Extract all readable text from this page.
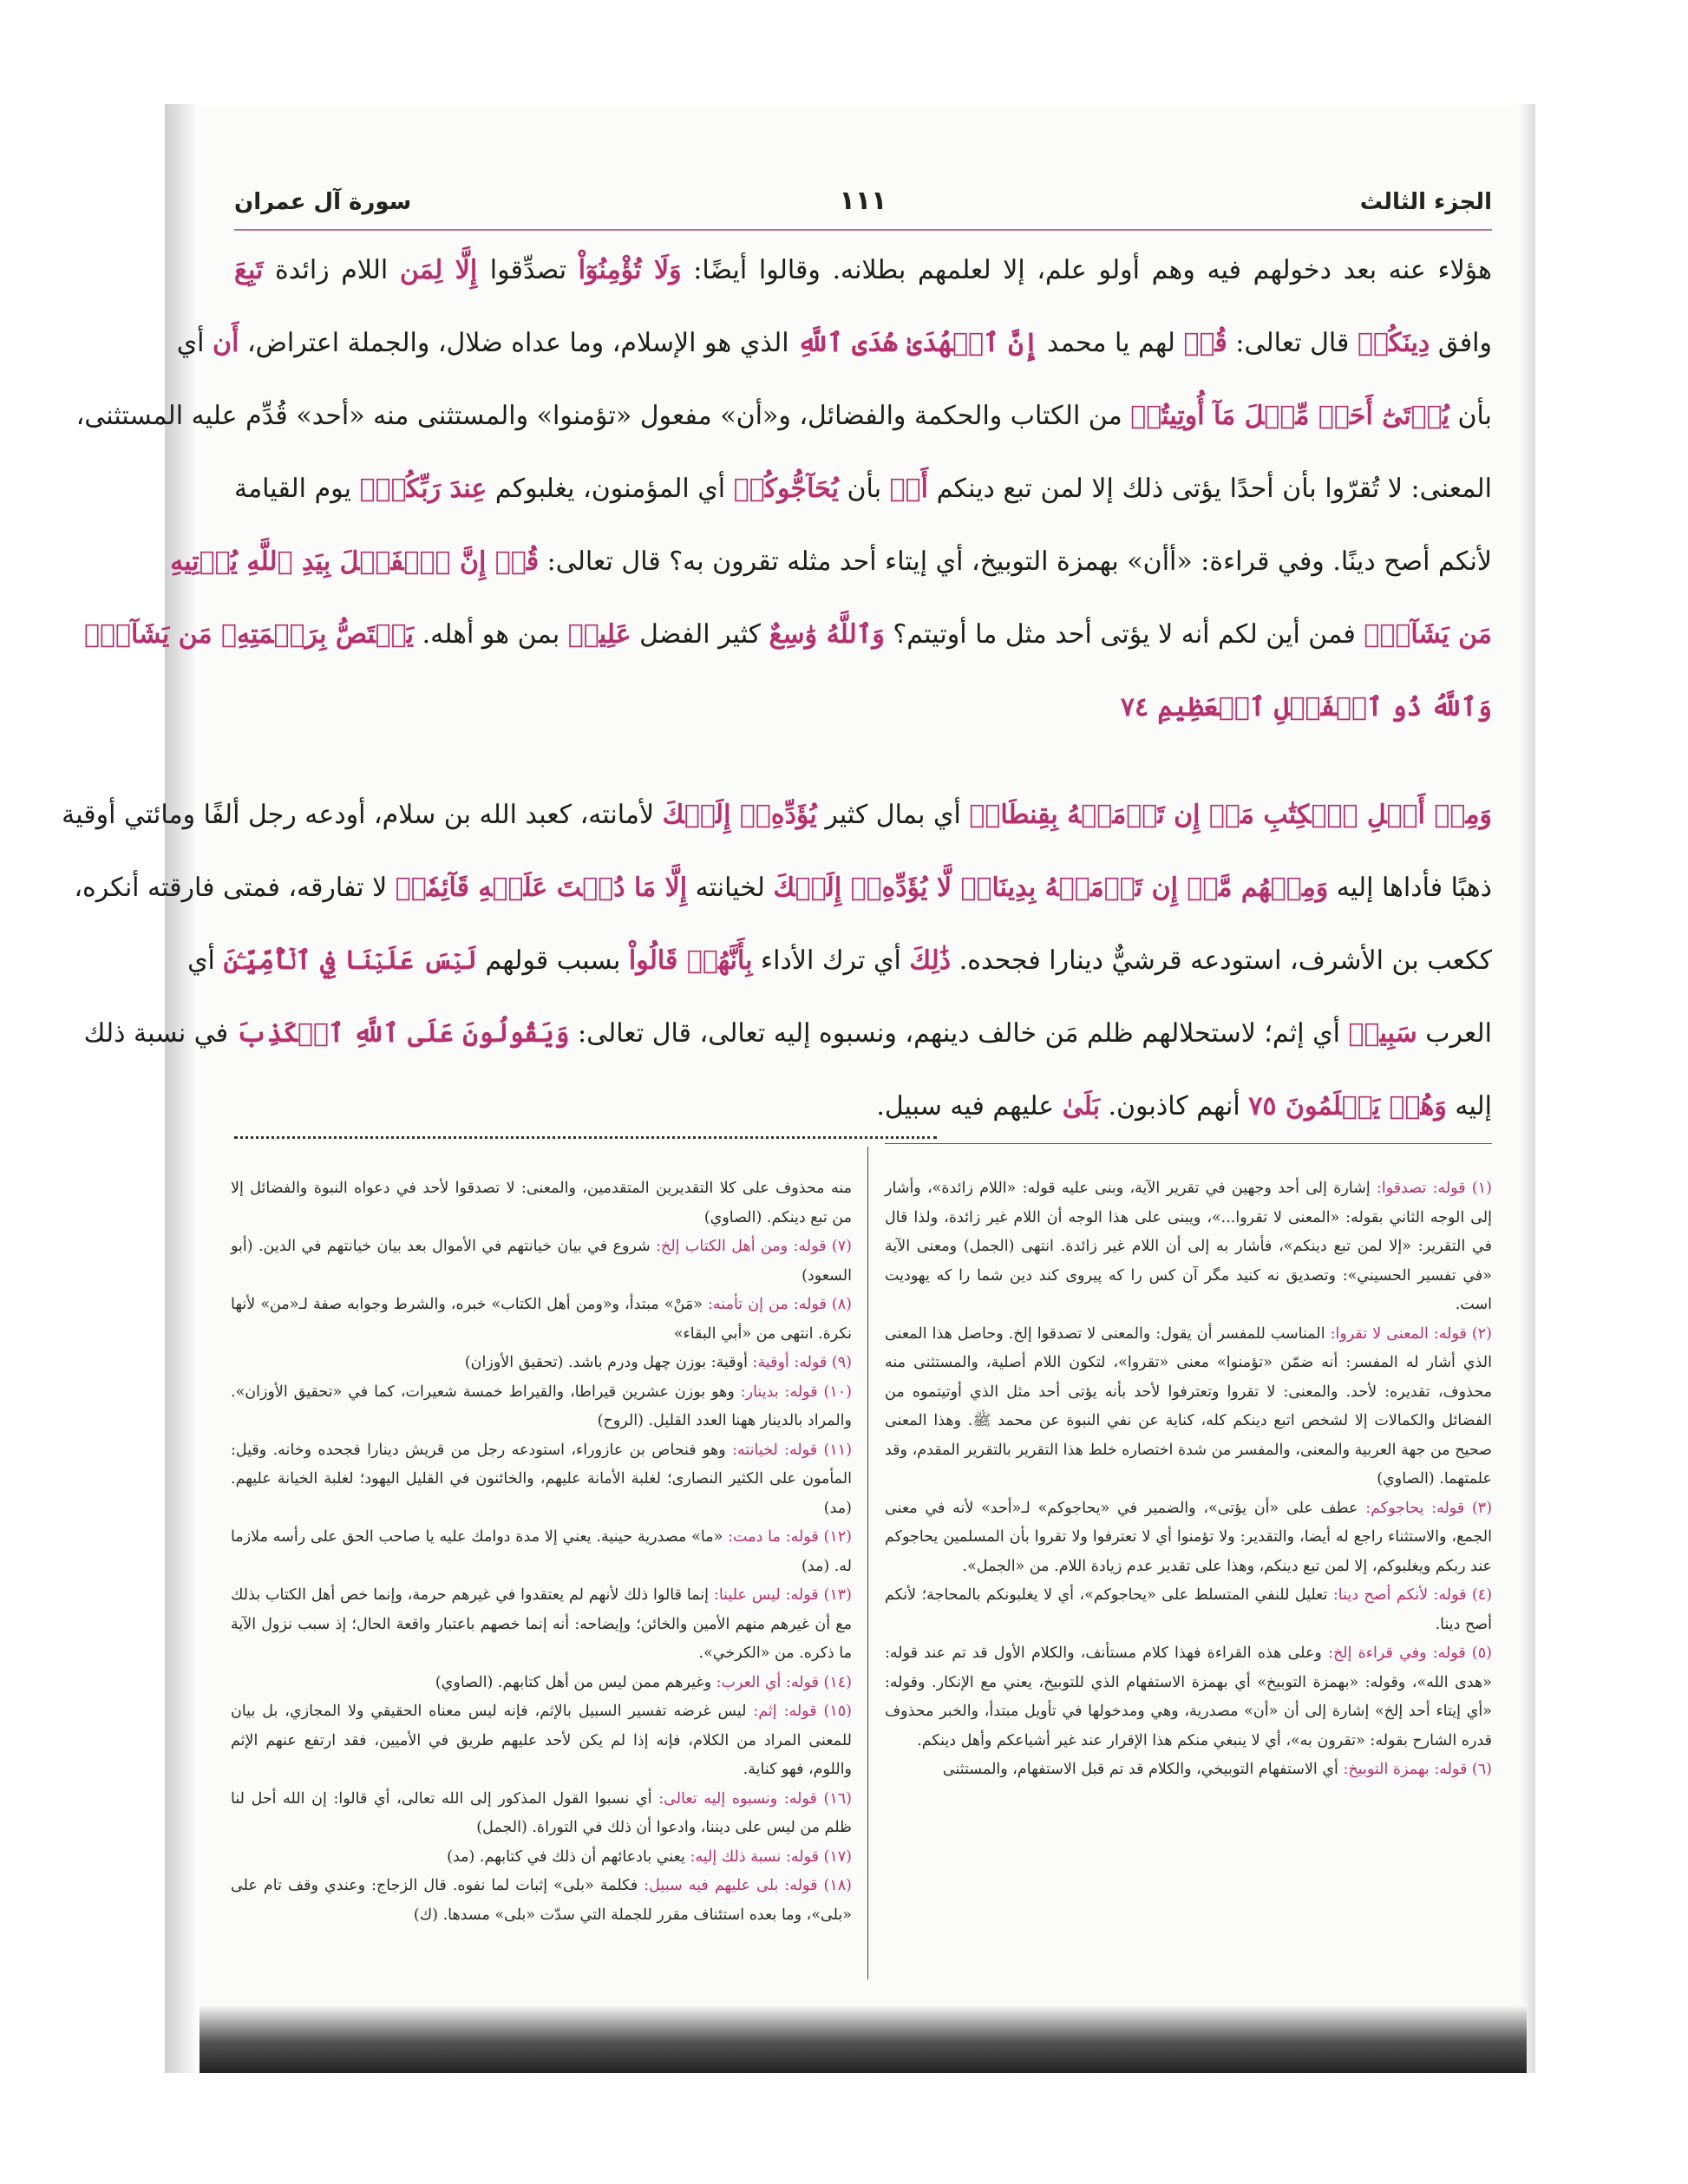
الجزء الثالث
١١١
سورة آل عمران
هؤلاء عنه بعد دخولهم فيه وهم أولو علم، إلا لعلمهم بطلانه. وقالوا أيضًا: وَلَا تُؤْمِنُوٓاْ تصدِّقوا إِلَّا لِمَن اللام زائدة تَبِعَ
وافق دِينَكُمۡ قال تعالى: قُلۡ لهم يا محمد إِنَّ ٱلۡهُدَىٰ هُدَى ٱللَّهِ الذي هو الإسلام، وما عداه ضلال، والجملة اعتراض، أَن أي
بأن يُؤۡتَىٰٓ أَحَدٞ مِّثۡلَ مَآ أُوتِيتُمۡ من الكتاب والحكمة والفضائل، و«أن» مفعول «تؤمنوا» والمستثنى منه «أحد» قُدِّم عليه المستثنى،
المعنى: لا تُقرّوا بأن أحدًا يؤتى ذلك إلا لمن تبع دينكم أَوۡ بأن يُحَآجُّوكُمۡ أي المؤمنون، يغلبوكم عِندَ رَبِّكُمۡۗ يوم القيامة
لأنكم أصح دينًا. وفي قراءة: «أأن» بهمزة التوبيخ، أي إيتاء أحد مثله تقرون به؟ قال تعالى: قُلۡ إِنَّ ٱلۡفَضۡلَ بِيَدِ ٱللَّهِ يُؤۡتِيهِ
مَن يَشَآءُۗ فمن أين لكم أنه لا يؤتى أحد مثل ما أوتيتم؟ وَٱللَّهُ وَٰسِعٌ كثير الفضل عَلِيمٞ بمن هو أهله. يَخۡتَصُّ بِرَحۡمَتِهِۦ مَن يَشَآءُۗ
وَٱللَّهُ ذُو ٱلۡفَضۡلِ ٱلۡعَظِيمِ ٧٤
وَمِنۡ أَهۡلِ ٱلۡكِتَٰبِ مَنۡ إِن تَأۡمَنۡهُ بِقِنطَارٖ أي بمال كثير يُؤَدِّهِۦٓ إِلَيۡكَ لأمانته، كعبد الله بن سلام، أودعه رجل ألفًا ومائتي أوقية
ذهبًا فأداها إليه وَمِنۡهُم مَّنۡ إِن تَأۡمَنۡهُ بِدِينَارٖ لَّا يُؤَدِّهِۦٓ إِلَيۡكَ لخيانته إِلَّا مَا دُمۡتَ عَلَيۡهِ قَآئِمٗاۗ لا تفارقه، فمتى فارقته أنكره،
ككعب بن الأشرف، استودعه قرشيٌّ دينارا فجحده. ذَٰلِكَ أي ترك الأداء بِأَنَّهُمۡ قَالُواْ بسبب قولهم لَيۡسَ عَلَيۡنَا فِي ٱلۡأُمِّيِّـۧنَ أي
العرب سَبِيلٞ أي إثم؛ لاستحلالهم ظلم مَن خالف دينهم، ونسبوه إليه تعالى، قال تعالى: وَيَقُولُونَ عَلَى ٱللَّهِ ٱلۡكَذِبَ في نسبة ذلك
إليه وَهُمۡ يَعۡلَمُونَ ٧٥ أنهم كاذبون. بَلَىٰ عليهم فيه سبيل.

(١) قوله: تصدقوا: إشارة إلى أحد وجهين في تقرير الآية، وبنى عليه قوله: «اللام زائدة»، وأشار إلى الوجه الثاني بقوله: «المعنى لا تقروا...»، ويبنى على هذا الوجه أن اللام غير زائدة، ولذا قال في التقرير: «إلا لمن تبع دينكم»، فأشار به إلى أن اللام غير زائدة. انتهى (الجمل) ومعنى الآية «في تفسير الحسيني»: وتصديق نه كنيد مگر آن کس را که پیروی کند دین شما را که یهودیت است.

(٢) قوله: المعنى لا تقروا: المناسب للمفسر أن يقول: والمعنى لا تصدقوا إلخ. وحاصل هذا المعنى الذي أشار له المفسر: أنه ضمّن «تؤمنوا» معنى «تقروا»، لتكون اللام أصلية، والمستثنى منه محذوف، تقديره: لأحد. والمعنى: لا تقروا وتعترفوا لأحد بأنه يؤتى أحد مثل الذي أوتيتموه من الفضائل والكمالات إلا لشخص اتبع دينكم كله، كناية عن نفي النبوة عن محمد ﷺ. وهذا المعنى صحيح من جهة العربية والمعنى، والمفسر من شدة اختصاره خلط هذا التقرير بالتقرير المقدم، وقد علمتهما. (الصاوي)

(٣) قوله: يحاجوكم: عطف على «أن يؤتى»، والضمير في «يحاجوكم» لـ«أحد» لأنه في معنى الجمع، والاستثناء راجع له أيضا، والتقدير: ولا تؤمنوا أي لا تعترفوا ولا تقروا بأن المسلمين يحاجوكم عند ربكم ويغلبوكم، إلا لمن تبع دينكم، وهذا على تقدير عدم زيادة اللام. من «الجمل».

(٤) قوله: لأنكم أصح دينا: تعليل للنفي المتسلط على «يحاجوكم»، أي لا يغلبونكم بالمحاجة؛ لأنكم أصح دينا.

(٥) قوله: وفي قراءة إلخ: وعلى هذه القراءة فهذا كلام مستأنف، والكلام الأول قد تم عند قوله: «هدى الله»، وقوله: «بهمزة التوبيخ» أي بهمزة الاستفهام الذي للتوبيخ، يعني مع الإنكار. وقوله: «أي إيتاء أحد إلخ» إشارة إلى أن «أن» مصدرية، وهي ومدخولها في تأويل مبتدأ، والخبر محذوف قدره الشارح بقوله: «تقرون به»، أي لا ينبغي منكم هذا الإقرار عند غير أشياعكم وأهل دينكم.

(٦) قوله: بهمزة التوبيخ: أي الاستفهام التوبيخي، والكلام قد تم قبل الاستفهام، والمستثنى

منه محذوف على كلا التقديرين المتقدمين، والمعنى: لا تصدقوا لأحد في دعواه النبوة والفضائل إلا من تبع دينكم. (الصاوي)

(٧) قوله: ومن أهل الكتاب إلخ: شروع في بيان خيانتهم في الأموال بعد بيان خيانتهم في الدين. (أبو السعود)

(٨) قوله: من إن تأمنه: «مَنْ» مبتدأ، و«ومن أهل الكتاب» خبره، والشرط وجوابه صفة لـ«من» لأنها نكرة. انتهى من «أبي البقاء»

(٩) قوله: أوقية: أوقية: بوزن چهل ودرم باشد. (تحقيق الأوزان)

(١٠) قوله: بدينار: وهو بوزن عشرين قيراطا، والقيراط خمسة شعيرات، كما في «تحقيق الأوزان». والمراد بالدينار ههنا العدد القليل. (الروح)

(١١) قوله: لخيانته: وهو فنحاص بن عازوراء، استودعه رجل من قريش دينارا فجحده وخانه. وقيل: المأمون على الكثير النصارى؛ لغلبة الأمانة عليهم، والخائنون في القليل اليهود؛ لغلبة الخيانة عليهم. (مد)

(١٢) قوله: ما دمت: «ما» مصدرية حينية. يعني إلا مدة دوامك عليه يا صاحب الحق على رأسه ملازما له. (مد)

(١٣) قوله: ليس علينا: إنما قالوا ذلك لأنهم لم يعتقدوا في غيرهم حرمة، وإنما خص أهل الكتاب بذلك مع أن غيرهم منهم الأمين والخائن؛ وإيضاحه: أنه إنما خصهم باعتبار واقعة الحال؛ إذ سبب نزول الآية ما ذكره. من «الكرخي».

(١٤) قوله: أي العرب: وغيرهم ممن ليس من أهل كتابهم. (الصاوي)

(١٥) قوله: إثم: ليس غرضه تفسير السبيل بالإثم، فإنه ليس معناه الحقيقي ولا المجازي، بل بيان للمعنى المراد من الكلام، فإنه إذا لم يكن لأحد عليهم طريق في الأميين، فقد ارتفع عنهم الإثم واللوم، فهو كناية.

(١٦) قوله: ونسبوه إليه تعالى: أي نسبوا القول المذكور إلى الله تعالى، أي قالوا: إن الله أحل لنا ظلم من ليس على ديننا، وادعوا أن ذلك في التوراة. (الجمل)

(١٧) قوله: نسبة ذلك إليه: يعني بادعائهم أن ذلك في كتابهم. (مد)

(١٨) قوله: بلى عليهم فيه سبيل: فكلمة «بلى» إثبات لما نفوه. قال الزجاج: وعندي وقف تام على «بلى»، وما بعده استئناف مقرر للجملة التي سدّت «بلى» مسدها. (ك)
